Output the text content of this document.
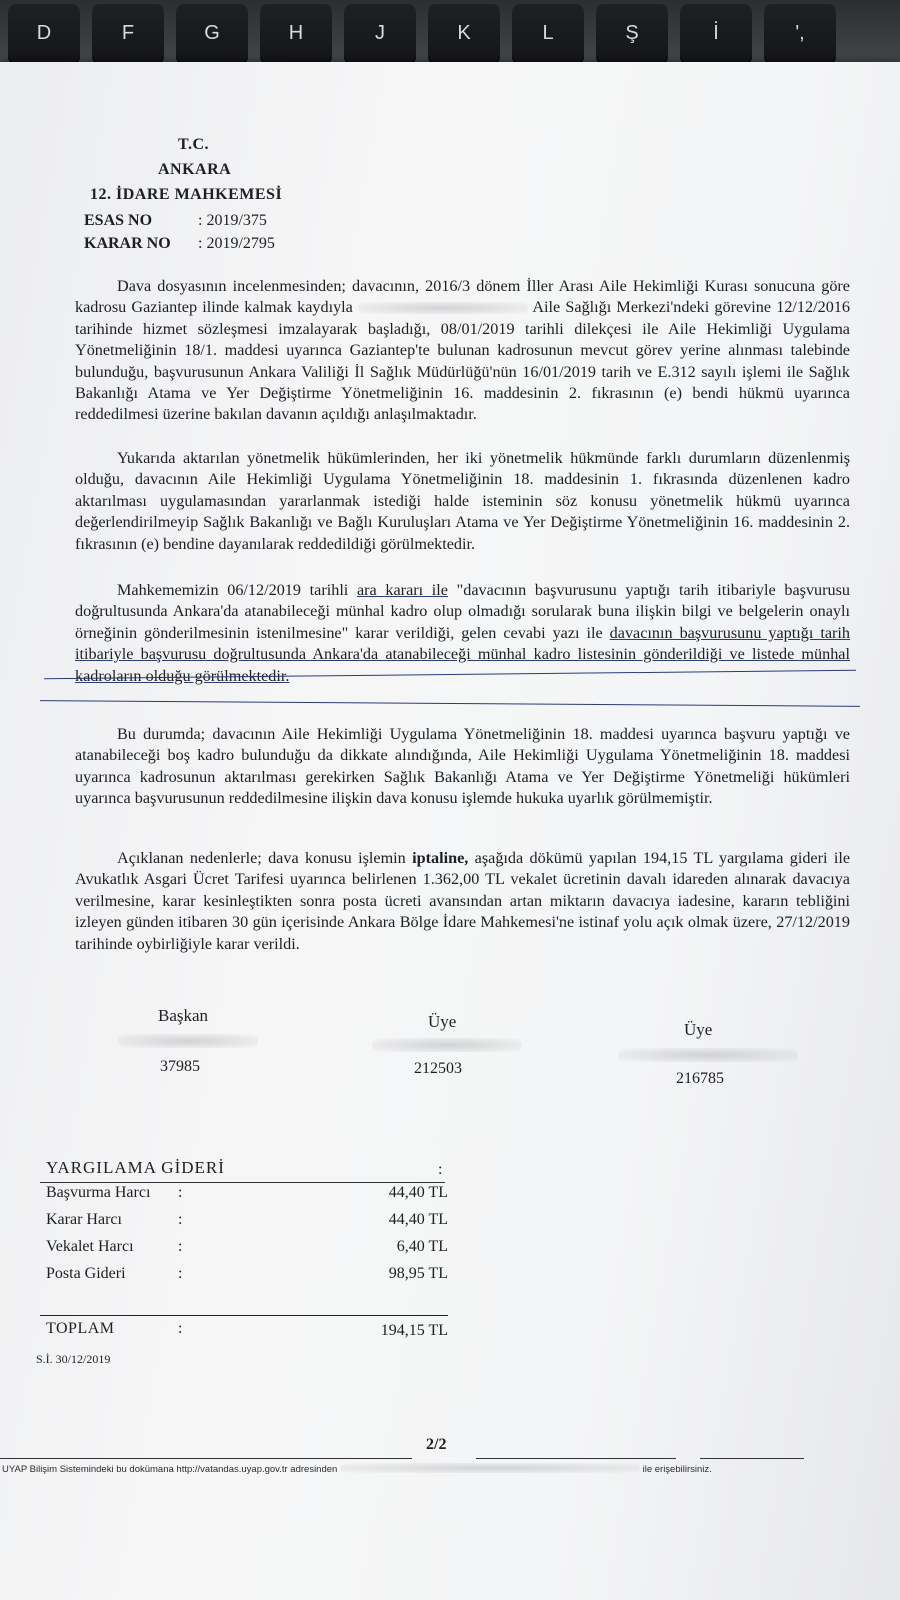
D	F	G	H	J	K	L	Ş	İ	',
T.C.
ANKARA
12. İDARE MAHKEMESİ
ESAS NO	: 2019/375
KARAR NO : 2019/2795

Dava dosyasının incelenmesinden; davacının, 2016/3 dönem İller Arası Aile Hekimliği Kurası sonucuna göre kadrosu Gaziantep ilinde kalmak kaydıyla	Aile Sağlığı Merkezi'ndeki görevine 12/12/2016 tarihinde hizmet sözleşmesi imzalayarak başladığı, 08/01/2019 tarihli dilekçesi ile Aile Hekimliği Uygulama Yönetmeliğinin 18/1. maddesi uyarınca Gaziantep'te bulunan kadrosunun mevcut görev yerine alınması talebinde bulunduğu, başvurusunun Ankara Valiliği İl Sağlık Müdürlüğü'nün 16/01/2019 tarih ve E.312 sayılı işlemi ile Sağlık Bakanlığı Atama ve Yer Değiştirme Yönetmeliğinin 16. maddesinin 2. fıkrasının (e) bendi hükmü uyarınca reddedilmesi üzerine bakılan davanın açıldığı anlaşılmaktadır.

Yukarıda aktarılan yönetmelik hükümlerinden, her iki yönetmelik hükmünde farklı durumların düzenlenmiş olduğu, davacının Aile Hekimliği Uygulama Yönetmeliğinin 18. maddesinin 1. fıkrasında düzenlenen kadro aktarılması uygulamasından yararlanmak istediği halde isteminin söz konusu yönetmelik hükmü uyarınca değerlendirilmeyip Sağlık Bakanlığı ve Bağlı Kuruluşları Atama ve Yer Değiştirme Yönetmeliğinin 16. maddesinin 2. fıkrasının (e) bendine dayanılarak reddedildiği görülmektedir.

Mahkememizin 06/12/2019 tarihli ara kararı ile "davacının başvurusunu yaptığı tarih itibariyle başvurusu doğrultusunda Ankara'da atanabileceği münhal kadro olup olmadığı sorularak buna ilişkin bilgi ve belgelerin onaylı örneğinin gönderilmesinin istenilmesine" karar verildiği, gelen cevabi yazı ile davacının başvurusunu yaptığı tarih itibariyle başvurusu doğrultusunda Ankara'da atanabileceği münhal kadro listesinin gönderildiği ve listede münhal kadroların olduğu görülmektedir.

Bu durumda; davacının Aile Hekimliği Uygulama Yönetmeliğinin 18. maddesi uyarınca başvuru yaptığı ve atanabileceği boş kadro bulunduğu da dikkate alındığında, Aile Hekimliği Uygulama Yönetmeliğinin 18. maddesi uyarınca kadrosunun aktarılması gerekirken Sağlık Bakanlığı Atama ve Yer Değiştirme Yönetmeliği hükümleri uyarınca başvurusunun reddedilmesine ilişkin dava konusu işlemde hukuka uyarlık görülmemiştir.

Açıklanan nedenlerle; dava konusu işlemin iptaline, aşağıda dökümü yapılan 194,15 TL yargılama gideri ile Avukatlık Asgari Ücret Tarifesi uyarınca belirlenen 1.362,00 TL vekalet ücretinin davalı idareden alınarak davacıya verilmesine, karar kesinleştikten sonra posta ücreti avansından artan miktarın davacıya iadesine, kararın tebliğini izleyen günden itibaren 30 gün içerisinde Ankara Bölge İdare Mahkemesi'ne istinaf yolu açık olmak üzere, 27/12/2019 tarihinde oybirliğiyle karar verildi.

Başkan
37985
Üye
212503
Üye
216785
YARGILAMA GİDERİ	:
Başvurma Harcı :	44,40 TL
Karar Harcı	:	44,40 TL
Vekalet Harcı	:	6,40 TL
Posta Gideri	:	98,95 TL
TOPLAM	:	194,15 TL
S.İ. 30/12/2019
2/2
UYAP Bilişim Sistemindeki bu dokümana http://vatandas.uyap.gov.tr adresinden	ile erişebilirsiniz.
